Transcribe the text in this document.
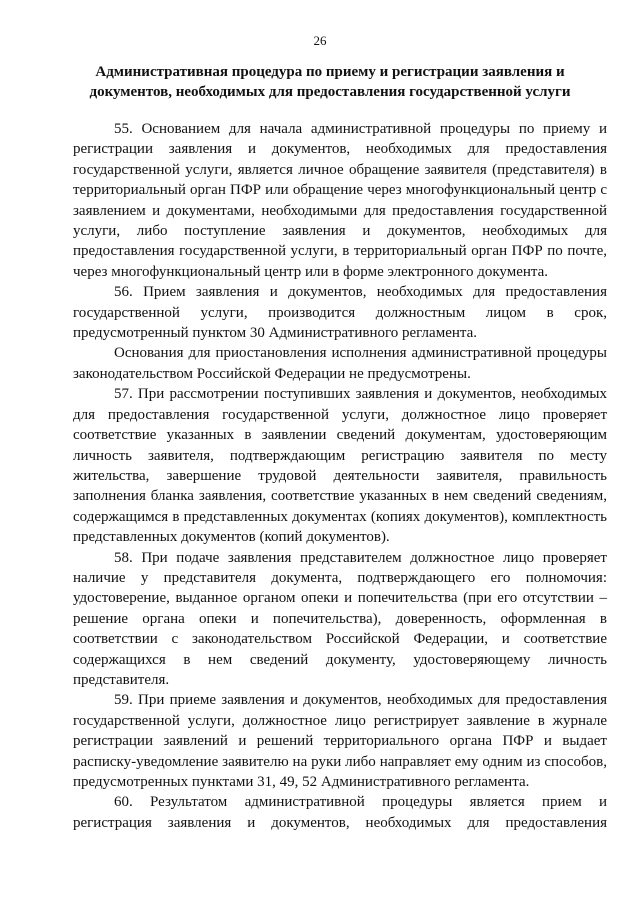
26
Административная процедура по приему и регистрации заявления и документов, необходимых для предоставления государственной услуги

55. Основанием для начала административной процедуры по приему и регистрации заявления и документов, необходимых для предоставления государственной услуги, является личное обращение заявителя (представителя) в территориальный орган ПФР или обращение через многофункциональный центр с заявлением и документами, необходимыми для предоставления государственной услуги, либо поступление заявления и документов, необходимых для предоставления государственной услуги, в территориальный орган ПФР по почте, через многофункциональный центр или в форме электронного документа.

56. Прием заявления и документов, необходимых для предоставления государственной услуги, производится должностным лицом в срок, предусмотренный пунктом 30 Административного регламента.

Основания для приостановления исполнения административной процедуры законодательством Российской Федерации не предусмотрены.

57. При рассмотрении поступивших заявления и документов, необходимых для предоставления государственной услуги, должностное лицо проверяет соответствие указанных в заявлении сведений документам, удостоверяющим личность заявителя, подтверждающим регистрацию заявителя по месту жительства, завершение трудовой деятельности заявителя, правильность заполнения бланка заявления, соответствие указанных в нем сведений сведениям, содержащимся в представленных документах (копиях документов), комплектность представленных документов (копий документов).

58. При подаче заявления представителем должностное лицо проверяет наличие у представителя документа, подтверждающего его полномочия: удостоверение, выданное органом опеки и попечительства (при его отсутствии – решение органа опеки и попечительства), доверенность, оформленная в соответствии с законодательством Российской Федерации, и соответствие содержащихся в нем сведений документу, удостоверяющему личность представителя.

59. При приеме заявления и документов, необходимых для предоставления государственной услуги, должностное лицо регистрирует заявление в журнале регистрации заявлений и решений территориального органа ПФР и выдает расписку-уведомление заявителю на руки либо направляет ему одним из способов, предусмотренных пунктами 31, 49, 52 Административного регламента.

60. Результатом административной процедуры является прием и регистрация заявления и документов, необходимых для предоставления
